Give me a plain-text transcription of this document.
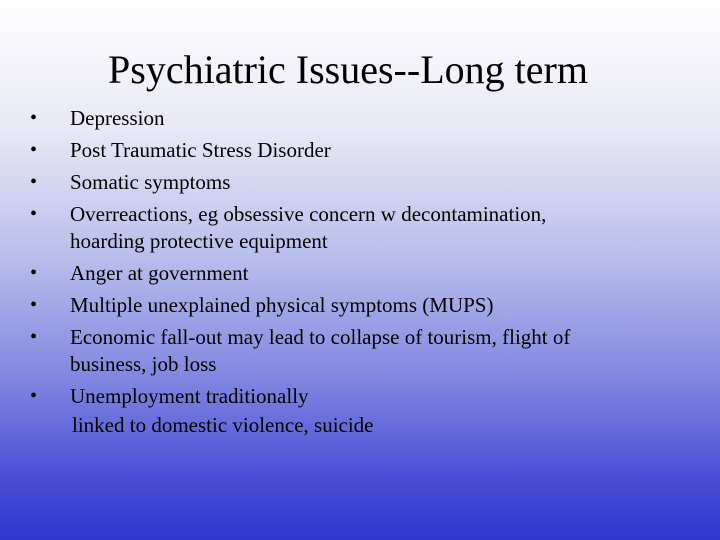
Psychiatric Issues--Long term
•	Depression
•	Post Traumatic Stress Disorder
•	Somatic symptoms
•	Overreactions, eg obsessive concern w decontamination,
hoarding protective equipment
•	Anger at government
•	Multiple unexplained physical symptoms (MUPS)
•	Economic fall-out may lead to collapse of tourism, flight of
business, job loss
•	Unemployment traditionally
linked to domestic violence, suicide
